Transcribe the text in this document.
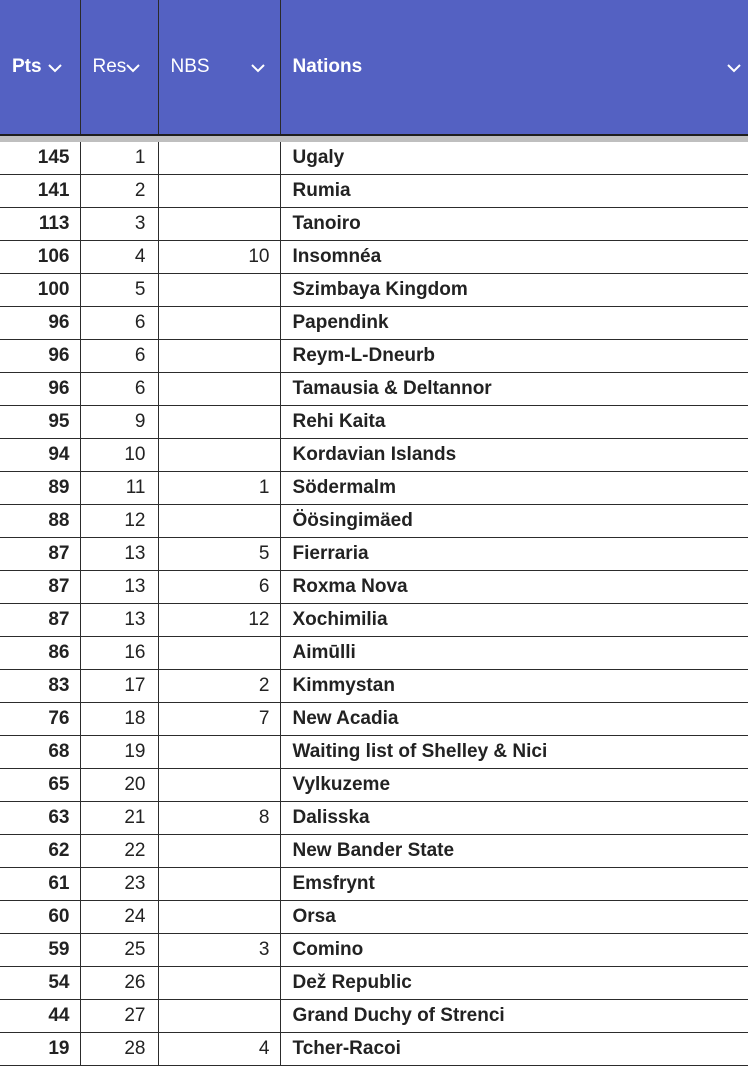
Pts	Res	NBS	Nations

145	1		Ugaly
141	2		Rumia
113	3		Tanoiro
106	4	10	Insomnéa
100	5		Szimbaya Kingdom
96	6		Papendink
96	6		Reym-L-Dneurb
96	6		Tamausia & Deltannor
95	9		Rehi Kaita
94	10		Kordavian Islands
89	11	1	Södermalm
88	12		Öösingimäed
87	13	5	Fierraria
87	13	6	Roxma Nova
87	13	12	Xochimilia
86	16		Aimūlli
83	17	2	Kimmystan
76	18	7	New Acadia
68	19		Waiting list of Shelley & Nici
65	20		Vylkuzeme
63	21	8	Dalisska
62	22		New Bander State
61	23		Emsfrynt
60	24		Orsa
59	25	3	Comino
54	26		Dež Republic
44	27		Grand Duchy of Strenci
19	28	4	Tcher-Racoi
